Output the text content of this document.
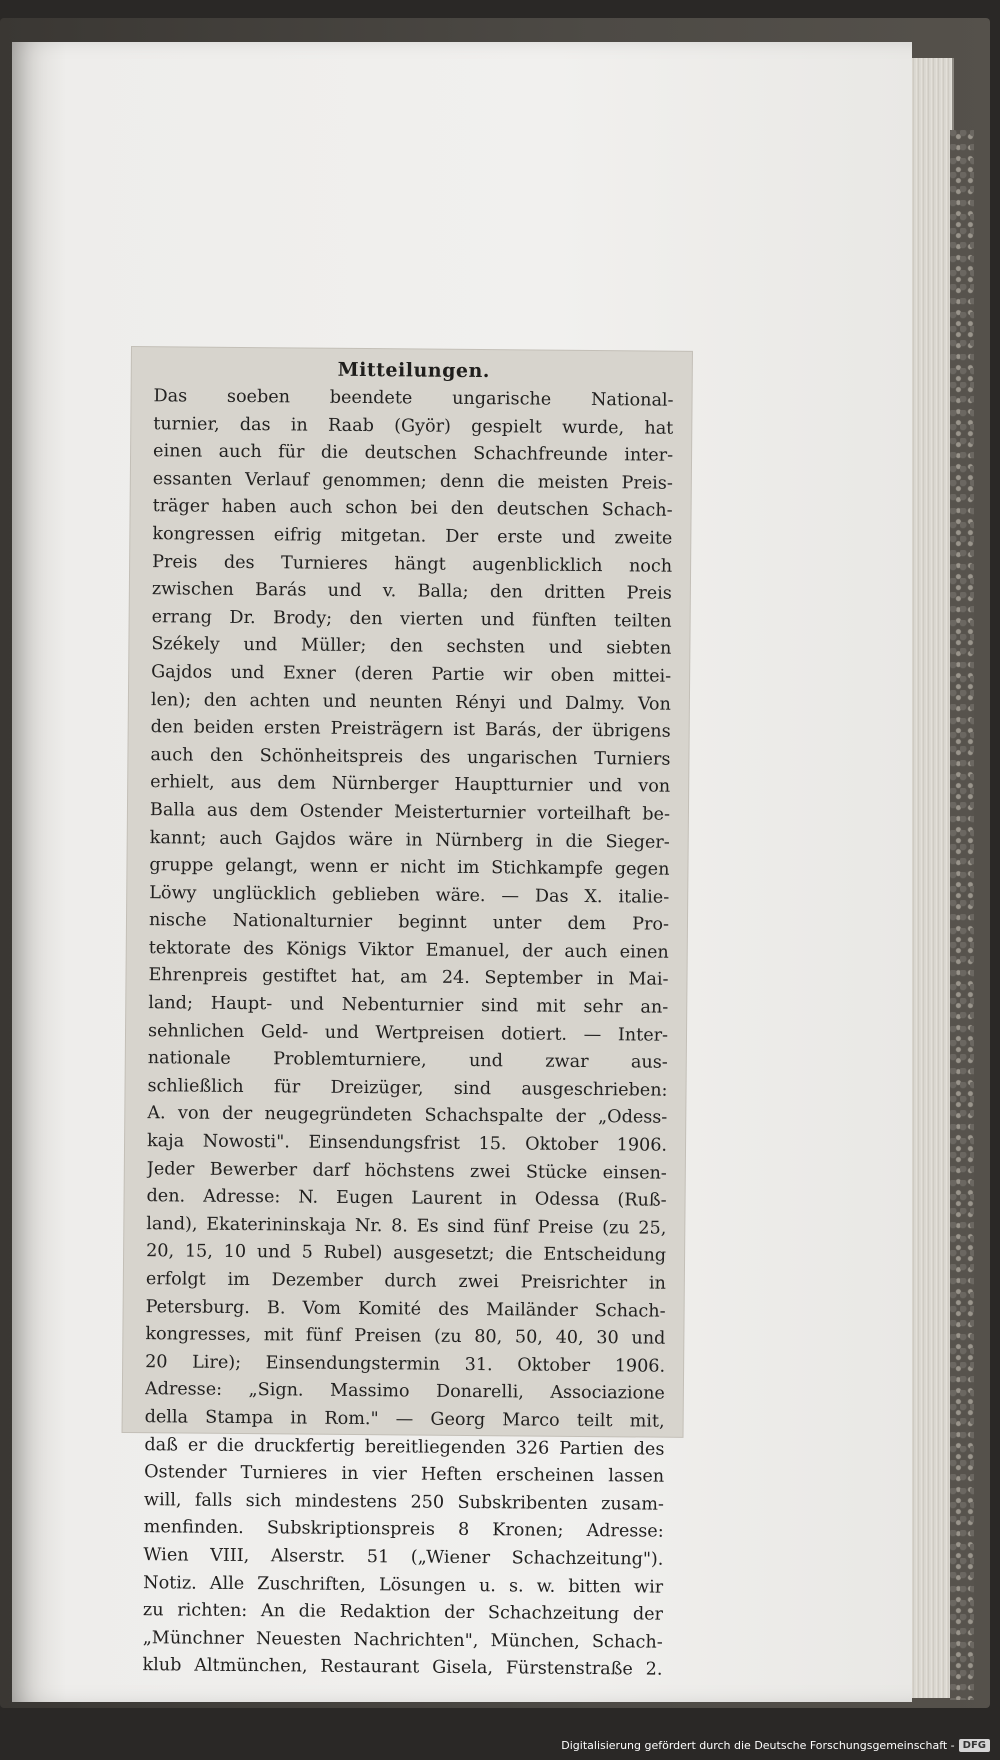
Mitteilungen.
Das soeben beendete ungarische National-
turnier, das in Raab (Györ) gespielt wurde, hat
einen auch für die deutschen Schachfreunde inter-
essanten Verlauf genommen; denn die meisten Preis-
träger haben auch schon bei den deutschen Schach-
kongressen eifrig mitgetan. Der erste und zweite
Preis des Turnieres hängt augenblicklich noch
zwischen Barás und v. Balla; den dritten Preis
errang Dr. Brody; den vierten und fünften teilten
Székely und Müller; den sechsten und siebten
Gajdos und Exner (deren Partie wir oben mittei-
len); den achten und neunten Rényi und Dalmy. Von
den beiden ersten Preisträgern ist Barás, der übrigens
auch den Schönheitspreis des ungarischen Turniers
erhielt, aus dem Nürnberger Hauptturnier und von
Balla aus dem Ostender Meisterturnier vorteilhaft be-
kannt; auch Gajdos wäre in Nürnberg in die Sieger-
gruppe gelangt, wenn er nicht im Stichkampfe gegen
Löwy unglücklich geblieben wäre. — Das X. italie-
nische Nationalturnier beginnt unter dem Pro-
tektorate des Königs Viktor Emanuel, der auch einen
Ehrenpreis gestiftet hat, am 24. September in Mai-
land; Haupt- und Nebenturnier sind mit sehr an-
sehnlichen Geld- und Wertpreisen dotiert. — Inter-
nationale Problemturniere, und zwar aus-
schließlich für Dreizüger, sind ausgeschrieben:
A. von der neugegründeten Schachspalte der „Odess-
kaja Nowosti". Einsendungsfrist 15. Oktober 1906.
Jeder Bewerber darf höchstens zwei Stücke einsen-
den. Adresse: N. Eugen Laurent in Odessa (Ruß-
land), Ekaterininskaja Nr. 8. Es sind fünf Preise (zu 25,
20, 15, 10 und 5 Rubel) ausgesetzt; die Entscheidung
erfolgt im Dezember durch zwei Preisrichter in
Petersburg. B. Vom Komité des Mailänder Schach-
kongresses, mit fünf Preisen (zu 80, 50, 40, 30 und
20 Lire); Einsendungstermin 31. Oktober 1906.
Adresse: „Sign. Massimo Donarelli, Associazione
della Stampa in Rom." — Georg Marco teilt mit,
daß er die druckfertig bereitliegenden 326 Partien des
Ostender Turnieres in vier Heften erscheinen lassen
will, falls sich mindestens 250 Subskribenten zusam-
menfinden. Subskriptionspreis 8 Kronen; Adresse:
Wien VIII, Alserstr. 51 („Wiener Schachzeitung").
Notiz. Alle Zuschriften, Lösungen u. s. w. bitten wir
zu richten: An die Redaktion der Schachzeitung der
„Münchner Neuesten Nachrichten", München, Schach-
klub Altmünchen, Restaurant Gisela, Fürstenstraße 2.
Digitalisierung gefördert durch die Deutsche Forschungsgemeinschaft - DFG
